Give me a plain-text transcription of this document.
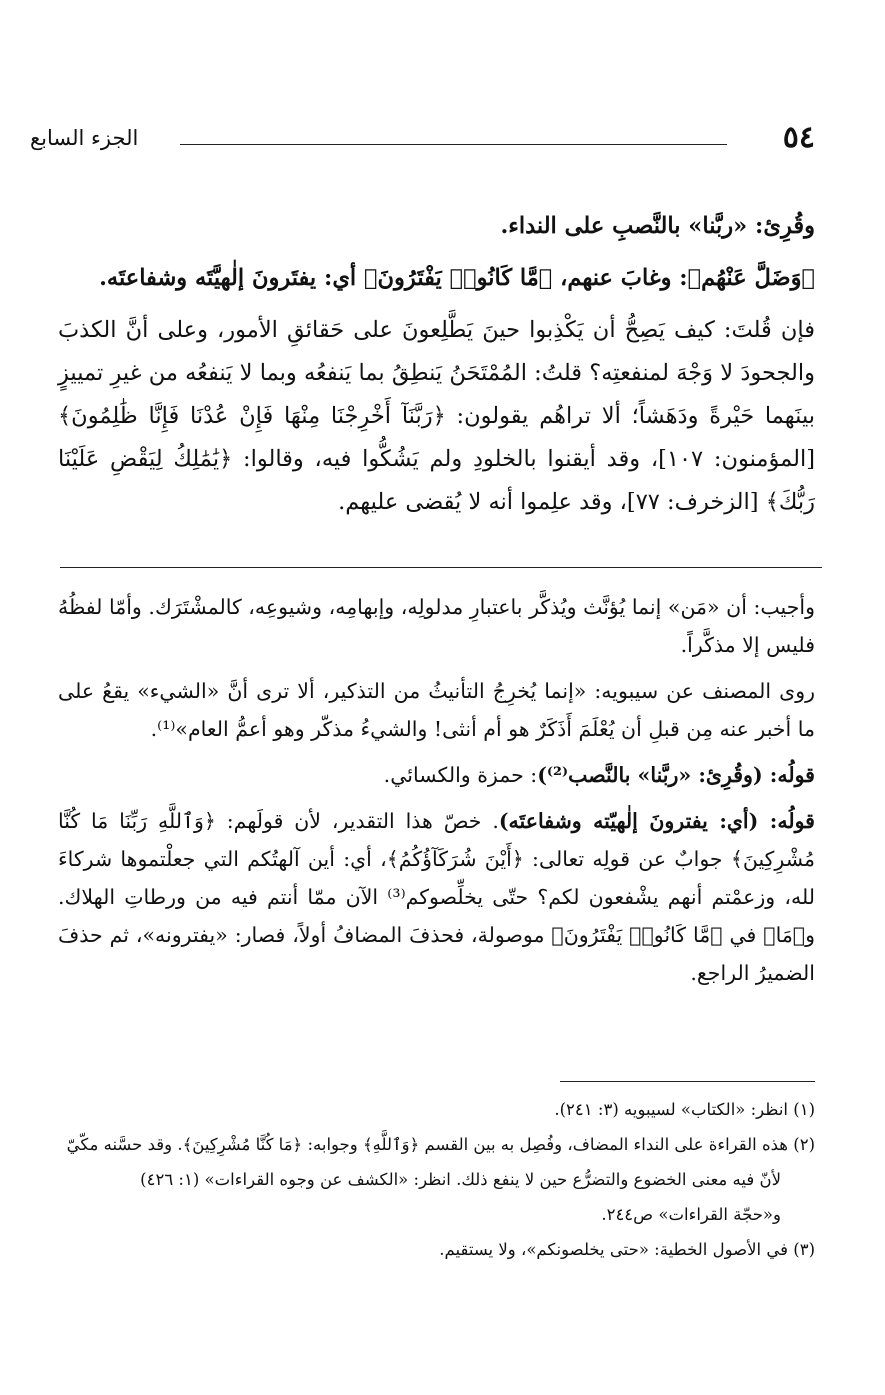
الجزء السابع	٥٤

وقُرِئ: «ربَّنا» بالنَّصبِ على النداء.

﴿وَضَلَّ عَنْهُم﴾: وغابَ عنهم، ﴿مَّا كَانُوا۟ يَفْتَرُونَ﴾ أي: يفتَرونَ إلٰهيَّتَه وشفاعتَه.

فإن قُلتَ: كيف يَصِحُّ أن يَكْذِبوا حينَ يَطَّلِعونَ على حَقائقِ الأمور، وعلى أنَّ الكذبَ والجحودَ لا وَجْهَ لمنفعتِه؟ قلتُ: المُمْتَحَنُ يَنطِقُ بما يَنفعُه وبما لا يَنفعُه من غيرِ تمييزٍ بينَهما حَيْرةً ودَهَشاً؛ ألا تراهُم يقولون: ﴿رَبَّنَآ أَخْرِجْنَا مِنْهَا فَإِنْ عُدْنَا فَإِنَّا ظَٰلِمُونَ﴾ [المؤمنون: ١٠٧]، وقد أيقنوا بالخلودِ ولم يَشُكُّوا فيه، وقالوا: ﴿يَٰمَٰلِكُ لِيَقْضِ عَلَيْنَا رَبُّكَ﴾ [الزخرف: ٧٧]، وقد علِموا أنه لا يُقضى عليهم.

وأجيب: أن «مَن» إنما يُؤنَّث ويُذكَّر باعتبارِ مدلولِه، وإبهامِه، وشيوعِه، كالمشْتَرَك. وأمّا لفظُهُ فليس إلا مذكَّراً.

روى المصنف عن سيبويه: «إنما يُخرِجُ التأنيثُ من التذكير، ألا ترى أنَّ «الشيء» يقعُ على ما أخبر عنه مِن قبلِ أن يُعْلَمَ أَذَكَرٌ هو أم أنثى! والشيءُ مذكّر وهو أعمُّ العام»⁽¹⁾.

قولُه: (وقُرِئ: «ربَّنا» بالنَّصب⁽²⁾): حمزة والكسائي.

قولُه: (أي: يفترونَ إلٰهيّته وشفاعتَه). خصّ هذا التقدير، لأن قولَهم: ﴿وَٱللَّهِ رَبِّنَا مَا كُنَّا مُشْرِكِينَ﴾ جوابٌ عن قولِه تعالى: ﴿أَيْنَ شُرَكَآؤُكُمُ﴾، أي: أين آلهتُكم التي جعلْتموها شركاءَ لله، وزعمْتم أنهم يشْفعون لكم؟ حتّى يخلِّصوكم⁽³⁾ الآن ممّا أنتم فيه من ورطاتِ الهلاك. و﴿مَا﴾ في ﴿مَّا كَانُوا۟ يَفْتَرُونَ﴾ موصولة، فحذفَ المضافُ أولاً، فصار: «يفترونه»، ثم حذفَ الضميرُ الراجع.

(١) انظر: «الكتاب» لسيبويه (٣: ٢٤١).

(٢) هذه القراءة على النداء المضاف، وفُصِل به بين القسم ﴿وَٱللَّهِ﴾ وجوابه: ﴿مَا كُنَّا مُشْرِكِينَ﴾. وقد حسَّنه مكّيّ

لأنّ فيه معنى الخضوع والتضرُّع حين لا ينفع ذلك. انظر: «الكشف عن وجوه القراءات» (١: ٤٢٦)

و«حجّة القراءات» ص٢٤٤.

(٣) في الأصول الخطية: «حتى يخلصونكم»، ولا يستقيم.
